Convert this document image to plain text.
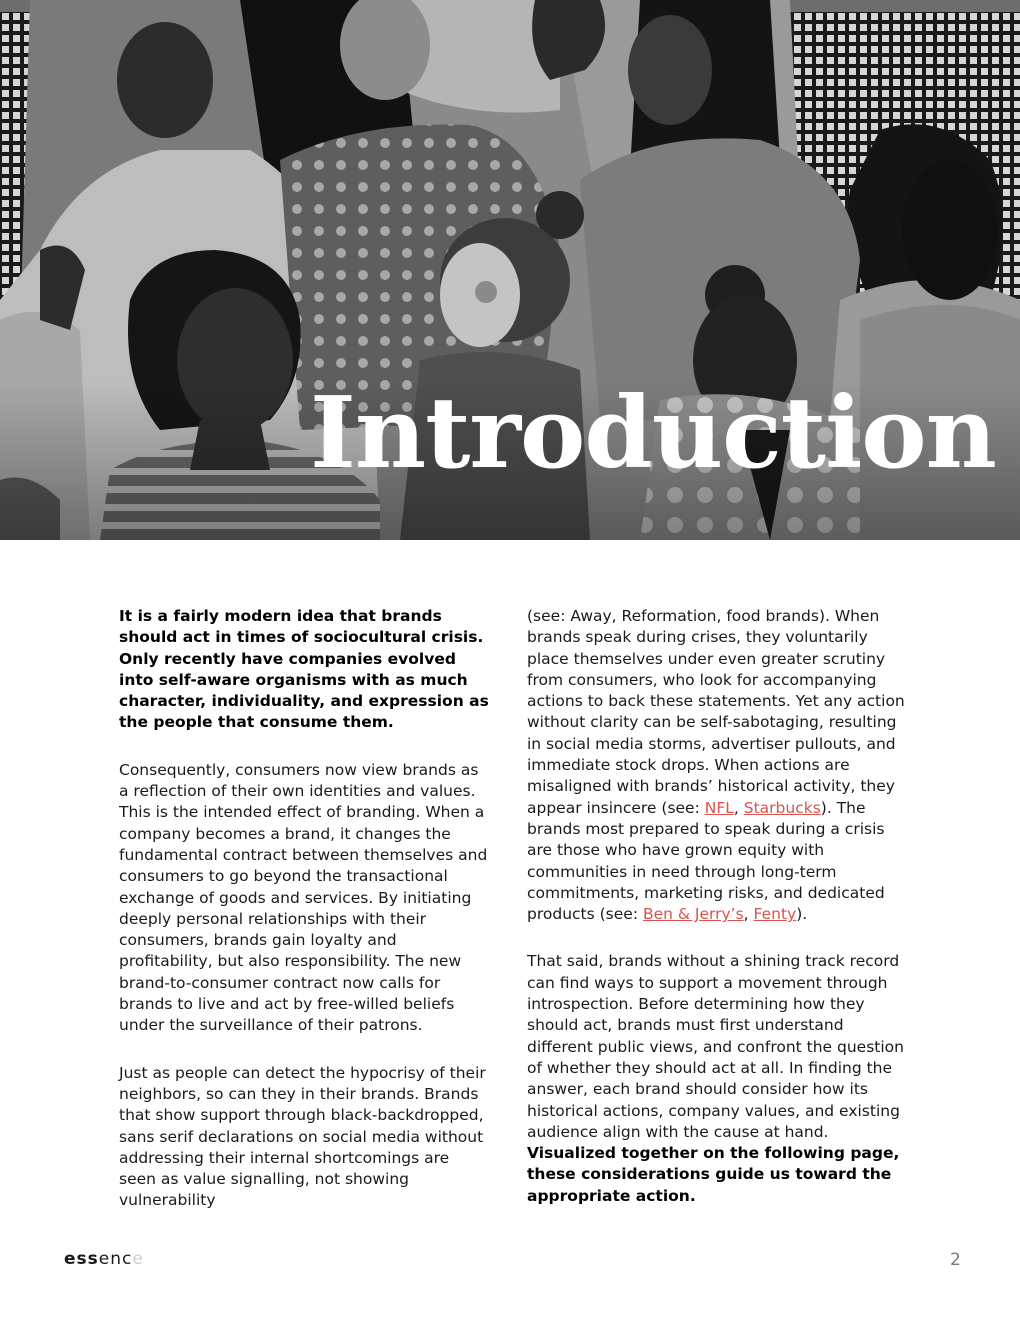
Introduction

It is a fairly modern idea that brands should act in times of sociocultural crisis. Only recently have companies evolved into self-aware organisms with as much character, individuality, and expression as the people that consume them.

Consequently, consumers now view brands as a reflection of their own identities and values. This is the intended effect of branding. When a company becomes a brand, it changes the fundamental contract between themselves and consumers to go beyond the transactional exchange of goods and services. By initiating deeply personal relationships with their consumers, brands gain loyalty and profitability, but also responsibility. The new brand-to-consumer contract now calls for brands to live and act by free-willed beliefs under the surveillance of their patrons.

Just as people can detect the hypocrisy of their neighbors, so can they in their brands. Brands that show support through black-backdropped, sans serif declarations on social media without addressing their internal shortcomings are seen as value signalling, not showing vulnerability

(see: Away, Reformation, food brands). When brands speak during crises, they voluntarily place themselves under even greater scrutiny from consumers, who look for accompanying actions to back these statements. Yet any action without clarity can be self-sabotaging, resulting in social media storms, advertiser pullouts, and immediate stock drops. When actions are misaligned with brands’ historical activity, they appear insincere (see: NFL, Starbucks). The brands most prepared to speak during a crisis are those who have grown equity with communities in need through long-term commitments, marketing risks, and dedicated products (see: Ben & Jerry’s, Fenty).

That said, brands without a shining track record can find ways to support a movement through introspection. Before determining how they should act, brands must first understand different public views, and confront the question of whether they should act at all. In finding the answer, each brand should consider how its historical actions, company values, and existing audience align with the cause at hand. Visualized together on the following page, these considerations guide us toward the appropriate action.

essence	2
